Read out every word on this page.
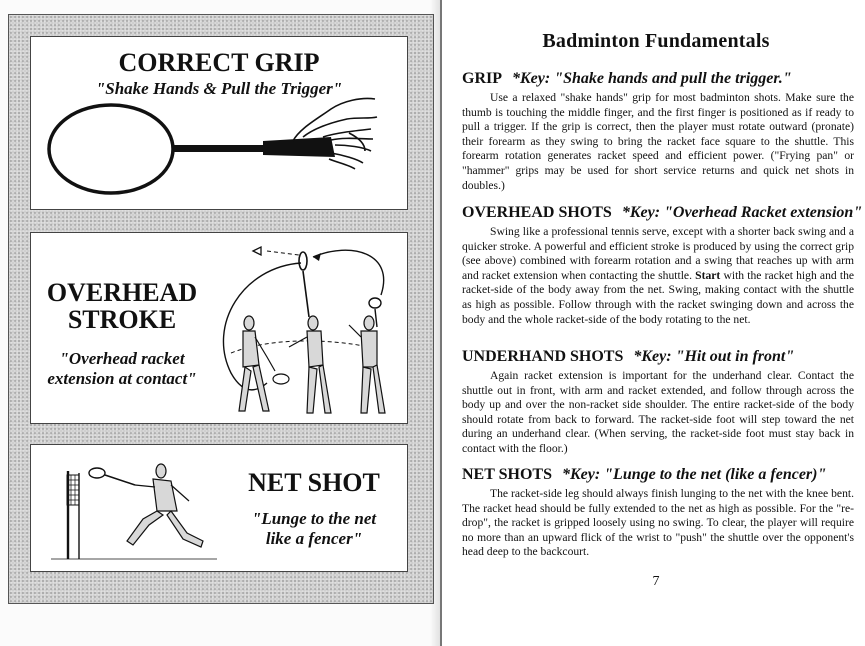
CORRECT GRIP

"Shake Hands & Pull the Trigger"

OVERHEAD
STROKE

"Overhead racket
extension at contact"

NET SHOT

"Lunge to the net
like a fencer"

Badminton Fundamentals

GRIP *Key: "Shake hands and pull the trigger."

Use a relaxed "shake hands" grip for most badminton shots. Make sure the thumb is touching the middle finger, and the first finger is positioned as if ready to pull a trigger. If the grip is correct, then the player must rotate outward (pronate) their forearm as they swing to bring the racket face square to the shuttle. This forearm rotation generates racket speed and efficient power. ("Frying pan" or "hammer" grips may be used for short service returns and quick net shots in doubles.)

OVERHEAD SHOTS *Key: "Overhead Racket extension"

Swing like a professional tennis serve, except with a shorter back swing and a quicker stroke. A powerful and efficient stroke is produced by using the correct grip (see above) combined with forearm rotation and a swing that reaches up with arm and racket extension when contacting the shuttle. Start with the racket high and the racket-side of the body away from the net. Swing, making contact with the shuttle as high as possible. Follow through with the racket swinging down and across the body and the whole racket-side of the body rotating to the net.

UNDERHAND SHOTS *Key: "Hit out in front"

Again racket extension is important for the underhand clear. Contact the shuttle out in front, with arm and racket extended, and follow through across the body up and over the non-racket side shoulder. The entire racket-side of the body should rotate from back to forward. The racket-side foot will step toward the net during an underhand clear. (When serving, the racket-side foot must stay back in contact with the floor.)

NET SHOTS *Key: "Lunge to the net (like a fencer)"

The racket-side leg should always finish lunging to the net with the knee bent. The racket head should be fully extended to the net as high as possible. For the "re-drop", the racket is gripped loosely using no swing. To clear, the player will require no more than an upward flick of the wrist to "push" the shuttle over the opponent's head deep to the backcourt.

7
